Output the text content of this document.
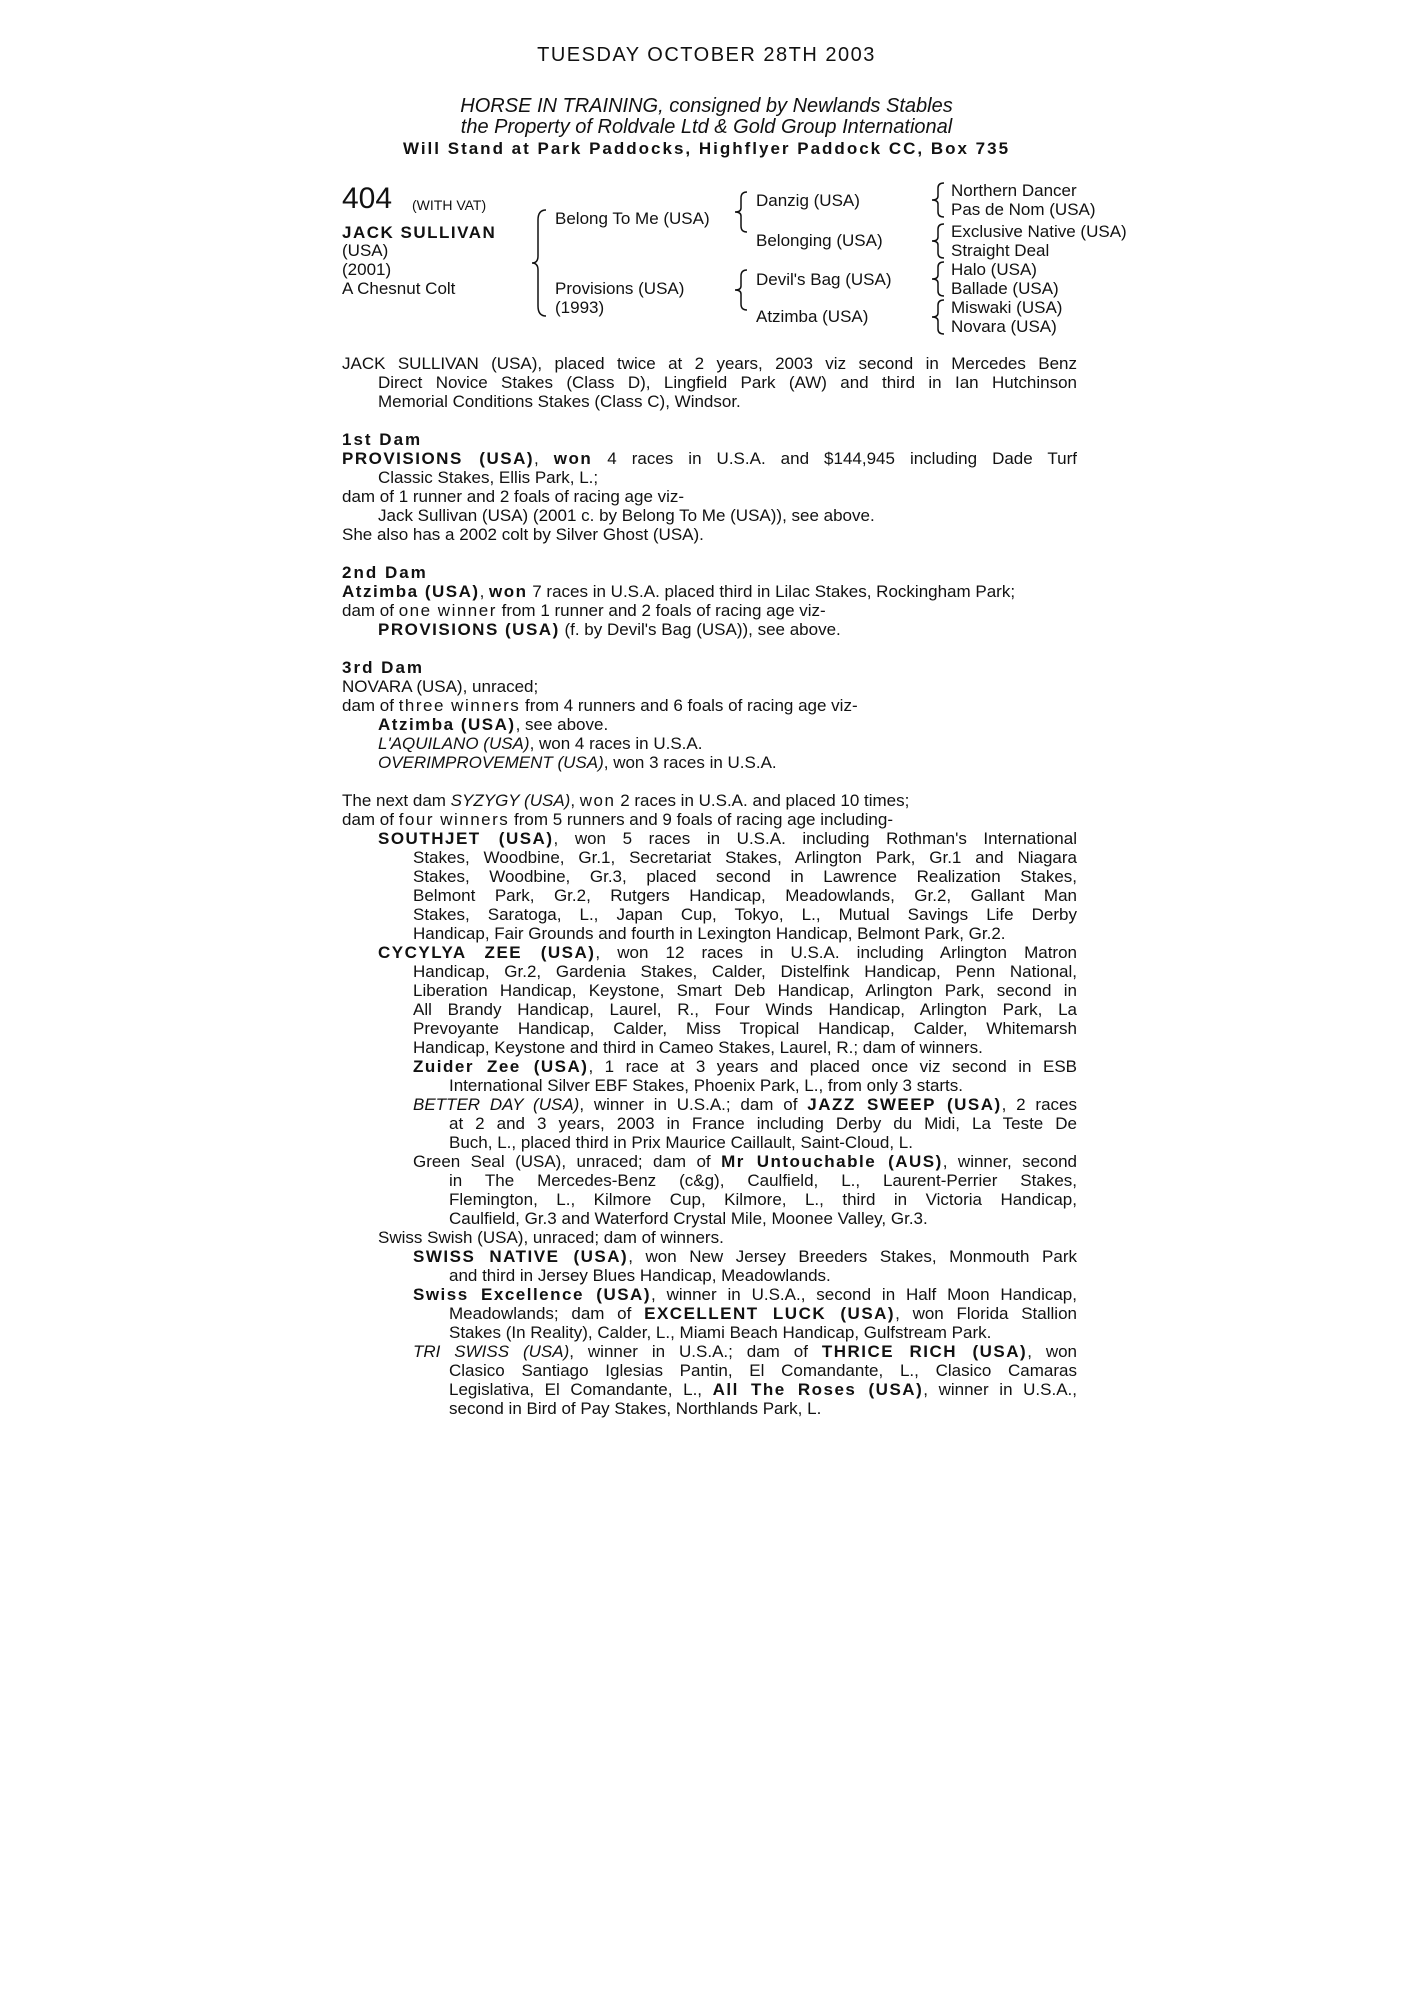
TUESDAY OCTOBER 28TH 2003
HORSE IN TRAINING, consigned by Newlands Stables
the Property of Roldvale Ltd & Gold Group International
Will Stand at Park Paddocks, Highflyer Paddock CC, Box 735
404 (WITH VAT)
JACK SULLIVAN
(USA)
(2001)
A Chesnut Colt
Belong To Me (USA)
Provisions (USA)
(1993)
Danzig (USA)
Belonging (USA)
Devil's Bag (USA)
Atzimba (USA)
Northern Dancer
Pas de Nom (USA)
Exclusive Native (USA)
Straight Deal
Halo (USA)
Ballade (USA)
Miswaki (USA)
Novara (USA)
JACK SULLIVAN (USA), placed twice at 2 years, 2003 viz second in Mercedes Benz
Direct Novice Stakes (Class D), Lingfield Park (AW) and third in Ian Hutchinson
Memorial Conditions Stakes (Class C), Windsor.
1st Dam
PROVISIONS (USA), won 4 races in U.S.A. and $144,945 including Dade Turf
Classic Stakes, Ellis Park, L.;
dam of 1 runner and 2 foals of racing age viz-
Jack Sullivan (USA) (2001 c. by Belong To Me (USA)), see above.
She also has a 2002 colt by Silver Ghost (USA).
2nd Dam
Atzimba (USA), won 7 races in U.S.A. placed third in Lilac Stakes, Rockingham Park;
dam of one winner from 1 runner and 2 foals of racing age viz-
PROVISIONS (USA) (f. by Devil's Bag (USA)), see above.
3rd Dam
NOVARA (USA), unraced;
dam of three winners from 4 runners and 6 foals of racing age viz-
Atzimba (USA), see above.
L'AQUILANO (USA), won 4 races in U.S.A.
OVERIMPROVEMENT (USA), won 3 races in U.S.A.
The next dam SYZYGY (USA), won 2 races in U.S.A. and placed 10 times;
dam of four winners from 5 runners and 9 foals of racing age including-
SOUTHJET (USA), won 5 races in U.S.A. including Rothman's International
Stakes, Woodbine, Gr.1, Secretariat Stakes, Arlington Park, Gr.1 and Niagara
Stakes, Woodbine, Gr.3, placed second in Lawrence Realization Stakes,
Belmont Park, Gr.2, Rutgers Handicap, Meadowlands, Gr.2, Gallant Man
Stakes, Saratoga, L., Japan Cup, Tokyo, L., Mutual Savings Life Derby
Handicap, Fair Grounds and fourth in Lexington Handicap, Belmont Park, Gr.2.
CYCYLYA ZEE (USA), won 12 races in U.S.A. including Arlington Matron
Handicap, Gr.2, Gardenia Stakes, Calder, Distelfink Handicap, Penn National,
Liberation Handicap, Keystone, Smart Deb Handicap, Arlington Park, second in
All Brandy Handicap, Laurel, R., Four Winds Handicap, Arlington Park, La
Prevoyante Handicap, Calder, Miss Tropical Handicap, Calder, Whitemarsh
Handicap, Keystone and third in Cameo Stakes, Laurel, R.; dam of winners.
Zuider Zee (USA), 1 race at 3 years and placed once viz second in ESB
International Silver EBF Stakes, Phoenix Park, L., from only 3 starts.
BETTER DAY (USA), winner in U.S.A.; dam of JAZZ SWEEP (USA), 2 races
at 2 and 3 years, 2003 in France including Derby du Midi, La Teste De
Buch, L., placed third in Prix Maurice Caillault, Saint-Cloud, L.
Green Seal (USA), unraced; dam of Mr Untouchable (AUS), winner, second
in The Mercedes-Benz (c&g), Caulfield, L., Laurent-Perrier Stakes,
Flemington, L., Kilmore Cup, Kilmore, L., third in Victoria Handicap,
Caulfield, Gr.3 and Waterford Crystal Mile, Moonee Valley, Gr.3.
Swiss Swish (USA), unraced; dam of winners.
SWISS NATIVE (USA), won New Jersey Breeders Stakes, Monmouth Park
and third in Jersey Blues Handicap, Meadowlands.
Swiss Excellence (USA), winner in U.S.A., second in Half Moon Handicap,
Meadowlands; dam of EXCELLENT LUCK (USA), won Florida Stallion
Stakes (In Reality), Calder, L., Miami Beach Handicap, Gulfstream Park.
TRI SWISS (USA), winner in U.S.A.; dam of THRICE RICH (USA), won
Clasico Santiago Iglesias Pantin, El Comandante, L., Clasico Camaras
Legislativa, El Comandante, L., All The Roses (USA), winner in U.S.A.,
second in Bird of Pay Stakes, Northlands Park, L.
